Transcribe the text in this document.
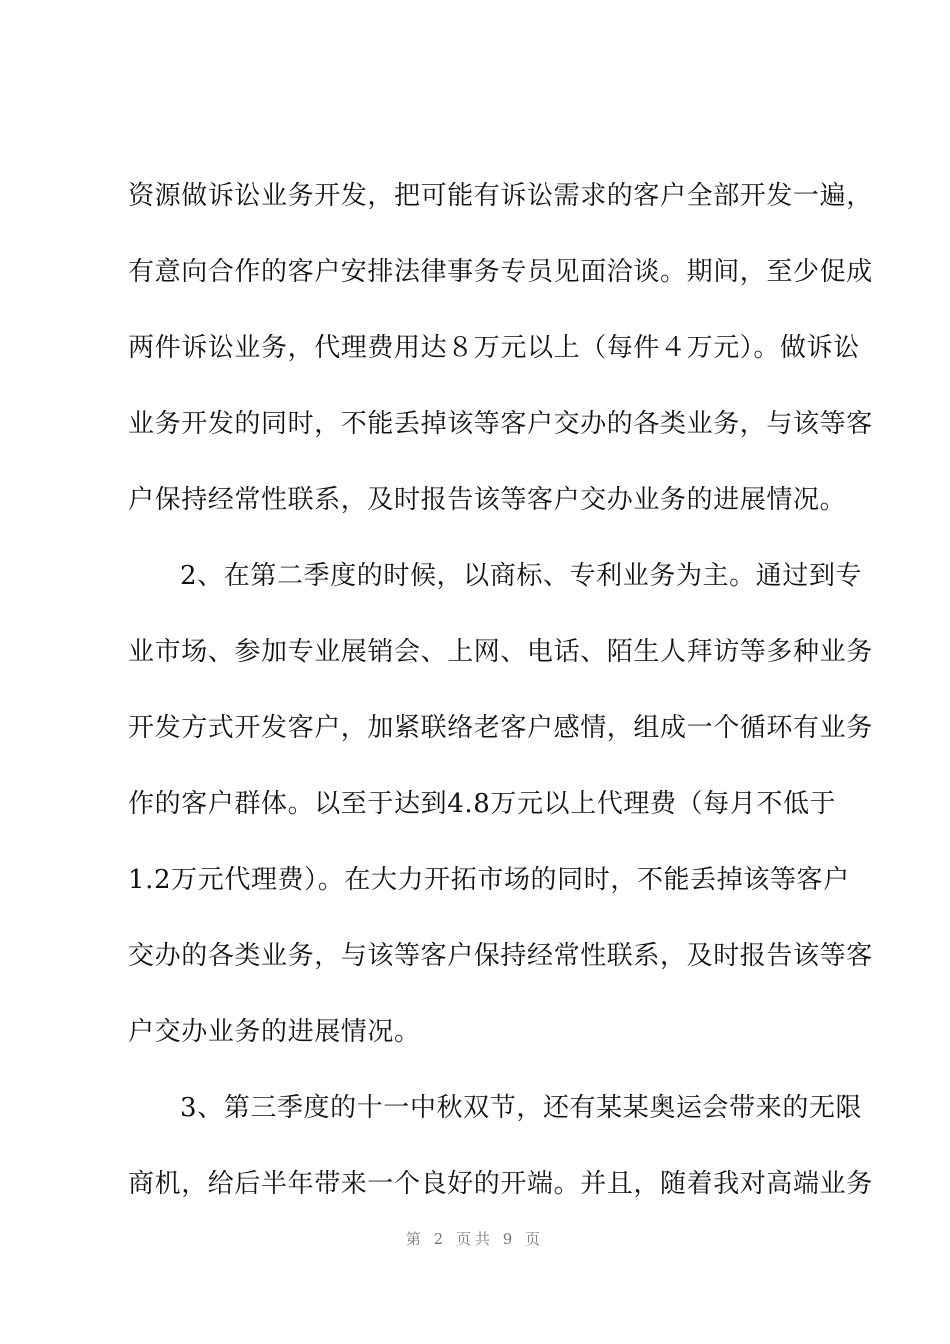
资源做诉讼业务开发，把可能有诉讼需求的客户全部开发一遍，
有意向合作的客户安排法律事务专员见面洽谈。期间，至少促成
两件诉讼业务，代理费用达８万元以上（每件４万元）。做诉讼
业务开发的同时，不能丢掉该等客户交办的各类业务，与该等客
户保持经常性联系，及时报告该等客户交办业务的进展情况。
2、在第二季度的时候，以商标、专利业务为主。通过到专
业市场、参加专业展销会、上网、电话、陌生人拜访等多种业务
开发方式开发客户，加紧联络老客户感情，组成一个循环有业务
作的客户群体。以至于达到4.8万元以上代理费（每月不低于
1.2万元代理费）。在大力开拓市场的同时，不能丢掉该等客户
交办的各类业务，与该等客户保持经常性联系，及时报告该等客
户交办业务的进展情况。
3、第三季度的十一中秋双节，还有某某奥运会带来的无限
商机，给后半年带来一个良好的开端。并且，随着我对高端业务
第 2 页共 9 页
